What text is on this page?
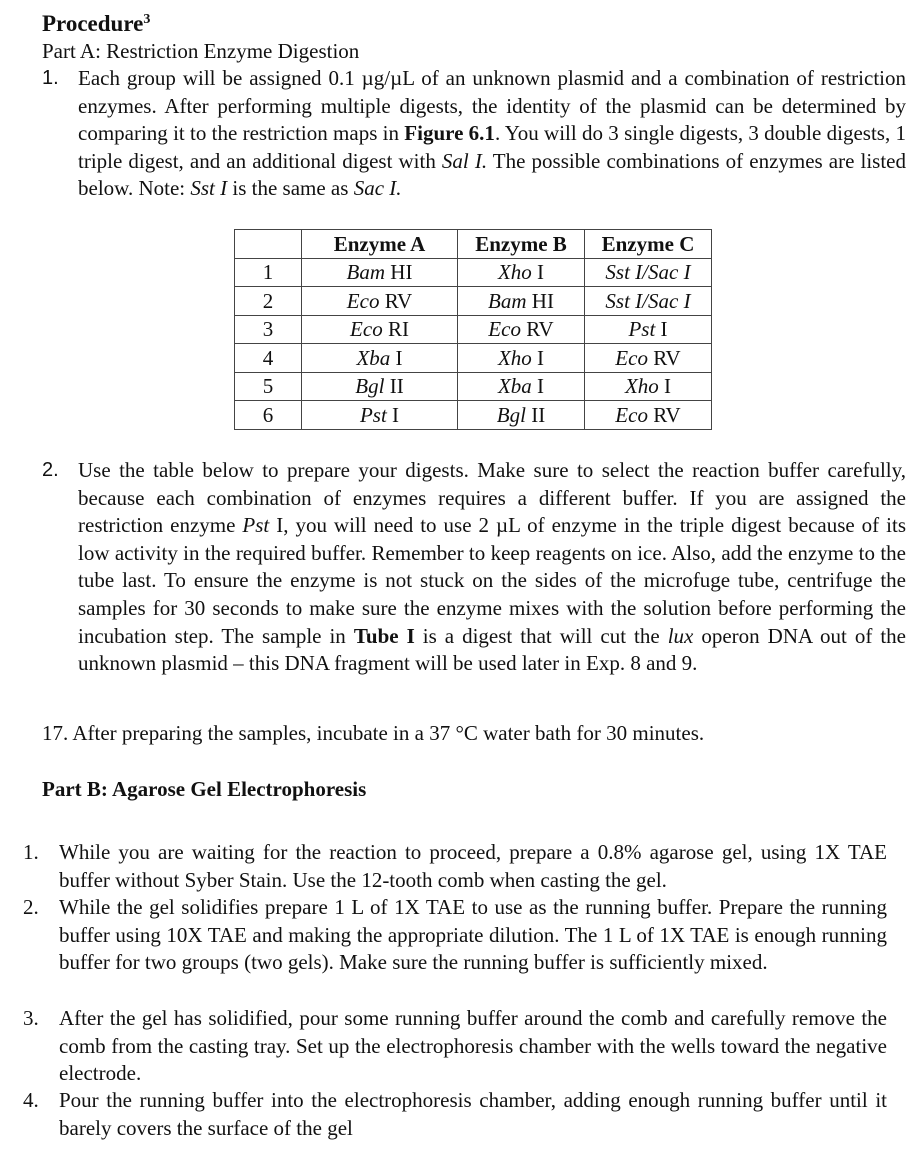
Procedure$^3$
Part A: Restriction Enzyme Digestion
1. Each group will be assigned 0.1 µg/µL of an unknown plasmid and a combination of restriction enzymes. After performing multiple digests, the identity of the plasmid can be determined by comparing it to the restriction maps in Figure 6.1. You will do 3 single digests, 3 double digests, 1 triple digest, and an additional digest with Sal I. The possible combinations of enzymes are listed below. Note: Sst I is the same as Sac I.

	Enzyme A	Enzyme B	Enzyme C
1	Bam HI	Xho I	Sst I/Sac I
2	Eco RV	Bam HI	Sst I/Sac I
3	Eco RI	Eco RV	Pst I
4	Xba I	Xho I	Eco RV
5	Bgl II	Xba I	Xho I
6	Pst I	Bgl II	Eco RV
2. Use the table below to prepare your digests. Make sure to select the reaction buffer carefully, because each combination of enzymes requires a different buffer. If you are assigned the restriction enzyme Pst I, you will need to use 2 µL of enzyme in the triple digest because of its low activity in the required buffer. Remember to keep reagents on ice. Also, add the enzyme to the tube last. To ensure the enzyme is not stuck on the sides of the microfuge tube, centrifuge the samples for 30 seconds to make sure the enzyme mixes with the solution before performing the incubation step. The sample in Tube I is a digest that will cut the lux operon DNA out of the unknown plasmid – this DNA fragment will be used later in Exp. 8 and 9.

17. After preparing the samples, incubate in a 37 °C water bath for 30 minutes.
Part B: Agarose Gel Electrophoresis
1. While you are waiting for the reaction to proceed, prepare a 0.8% agarose gel, using 1X TAE buffer without Syber Stain. Use the 12-tooth comb when casting the gel.

2. While the gel solidifies prepare 1 L of 1X TAE to use as the running buffer. Prepare the running buffer using 10X TAE and making the appropriate dilution. The 1 L of 1X TAE is enough running buffer for two groups (two gels). Make sure the running buffer is sufficiently mixed.

3. After the gel has solidified, pour some running buffer around the comb and carefully remove the comb from the casting tray. Set up the electrophoresis chamber with the wells toward the negative electrode.

4. Pour the running buffer into the electrophoresis chamber, adding enough running buffer until it barely covers the surface of the gel
